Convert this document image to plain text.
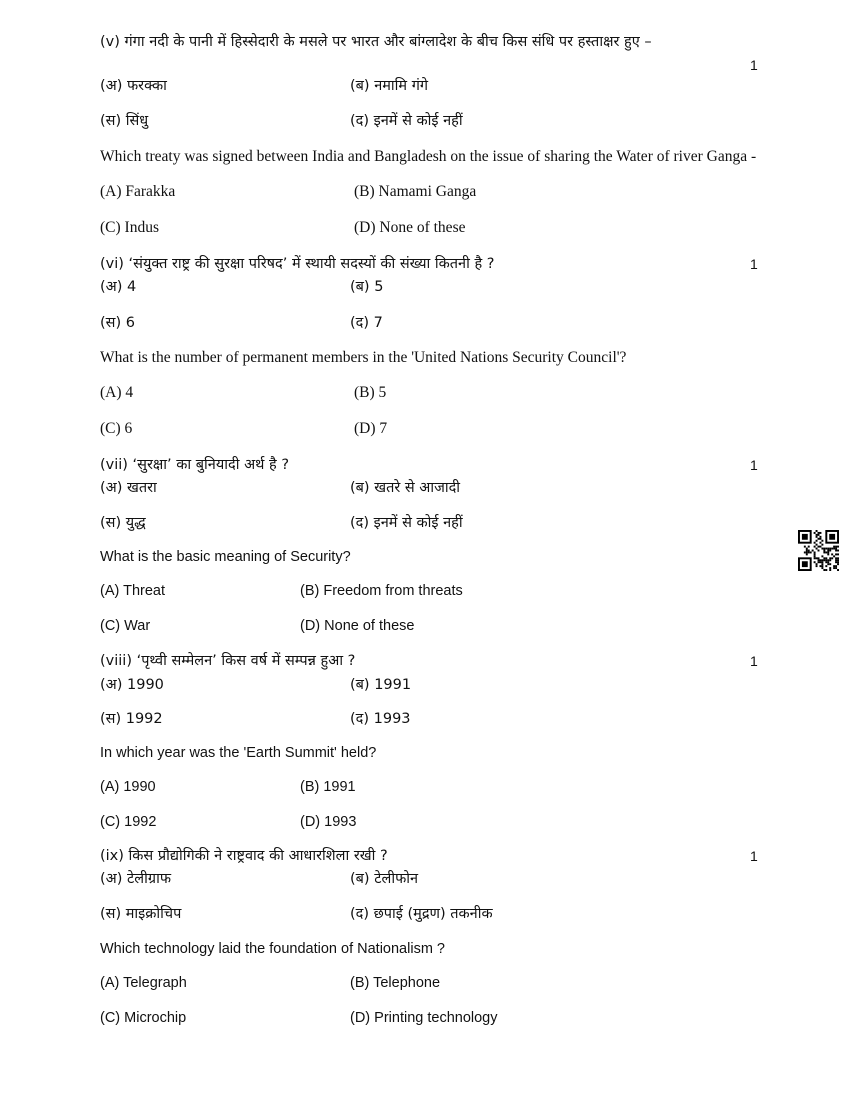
(v) गंगा नदी के पानी में हिस्सेदारी के मसले पर भारत और बांग्लादेश के बीच किस संधि पर हस्ताक्षर हुए –
1
(अ) फरक्का
(A) Farakka
(ब) नमामि गंगे
(B) Namami Ganga
(स) सिंधु
(C) Indus
(द) इनमें से कोई नहीं
(D) None of these
Which treaty was signed between India and Bangladesh on the issue of sharing the Water of river Ganga -
(vi) ‘संयुक्त राष्ट्र की सुरक्षा परिषद’ में स्थायी सदस्यों की संख्या कितनी है ?	1
(अ) 4
(A) 4
(ब) 5
(B) 5
(स) 6
(C) 6
(द) 7
(D) 7
What is the number of permanent members in the 'United Nations Security Council'?
(vii) ‘सुरक्षा’ का बुनियादी अर्थ है ?	1
(अ) खतरा
(A) Threat
(ब) खतरे से आजादी
(B) Freedom from threats
(स) युद्ध
(C) War
(द) इनमें से कोई नहीं
(D) None of these
What is the basic meaning of Security?
(viii) ‘पृथ्वी सम्मेलन’ किस वर्ष में सम्पन्न हुआ ?	1
(अ) 1990
(A) 1990
(ब) 1991
(B) 1991
(स) 1992
(C) 1992
(द) 1993
(D) 1993
In which year was the 'Earth Summit' held?
(ix) किस प्रौद्योगिकी ने राष्ट्रवाद की आधारशिला रखी ?	1
(अ) टेलीग्राफ
(A) Telegraph
(ब) टेलीफोन
(B) Telephone
(स) माइक्रोचिप
(C) Microchip
(द) छपाई (मुद्रण) तकनीक
(D) Printing technology
Which technology laid the foundation of Nationalism ?
